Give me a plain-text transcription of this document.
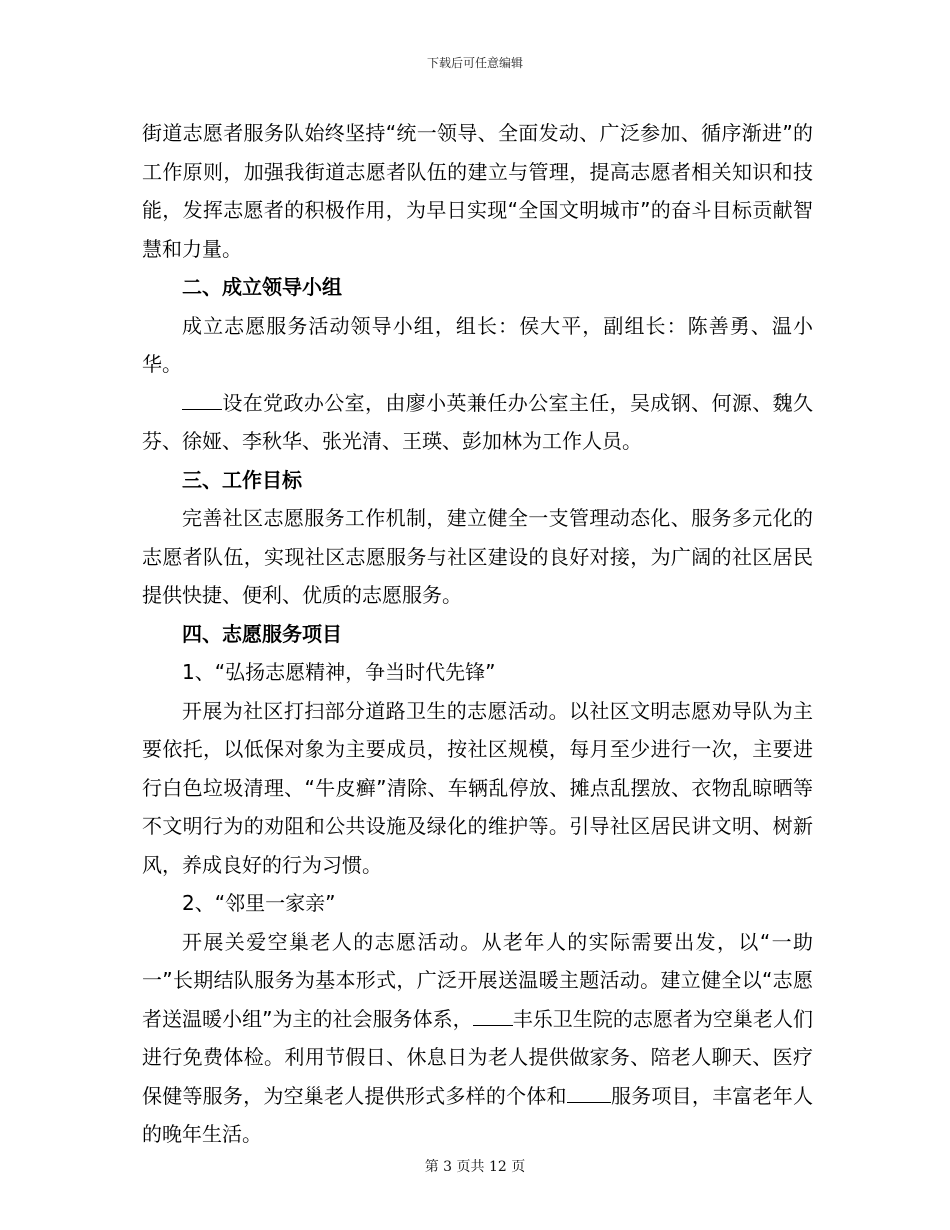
下载后可任意编辑

街道志愿者服务队始终坚持“统一领导、全面发动、广泛参加、循序渐进”的工作原则，加强我街道志愿者队伍的建立与管理，提高志愿者相关知识和技能，发挥志愿者的积极作用，为早日实现“全国文明城市”的奋斗目标贡献智慧和力量。

二、成立领导小组

成立志愿服务活动领导小组，组长：侯大平，副组长：陈善勇、温小华。

设在党政办公室，由廖小英兼任办公室主任，吴成钢、何源、魏久芬、徐娅、李秋华、张光清、王瑛、彭加林为工作人员。

三、工作目标

完善社区志愿服务工作机制，建立健全一支管理动态化、服务多元化的志愿者队伍，实现社区志愿服务与社区建设的良好对接，为广阔的社区居民提供快捷、便利、优质的志愿服务。

四、志愿服务项目

1、“弘扬志愿精神，争当时代先锋”

开展为社区打扫部分道路卫生的志愿活动。以社区文明志愿劝导队为主要依托，以低保对象为主要成员，按社区规模，每月至少进行一次，主要进行白色垃圾清理、“牛皮癣”清除、车辆乱停放、摊点乱摆放、衣物乱晾晒等不文明行为的劝阻和公共设施及绿化的维护等。引导社区居民讲文明、树新风，养成良好的行为习惯。

2、“邻里一家亲”

开展关爱空巢老人的志愿活动。从老年人的实际需要出发，以“一助一”长期结队服务为基本形式，广泛开展送温暖主题活动。建立健全以“志愿者送温暖小组”为主的社会服务体系， 丰乐卫生院的志愿者为空巢老人们进行免费体检。利用节假日、休息日为老人提供做家务、陪老人聊天、医疗保健等服务，为空巢老人提供形式多样的个体和 服务项目，丰富老年人的晚年生活。

第 3 页共 12 页
